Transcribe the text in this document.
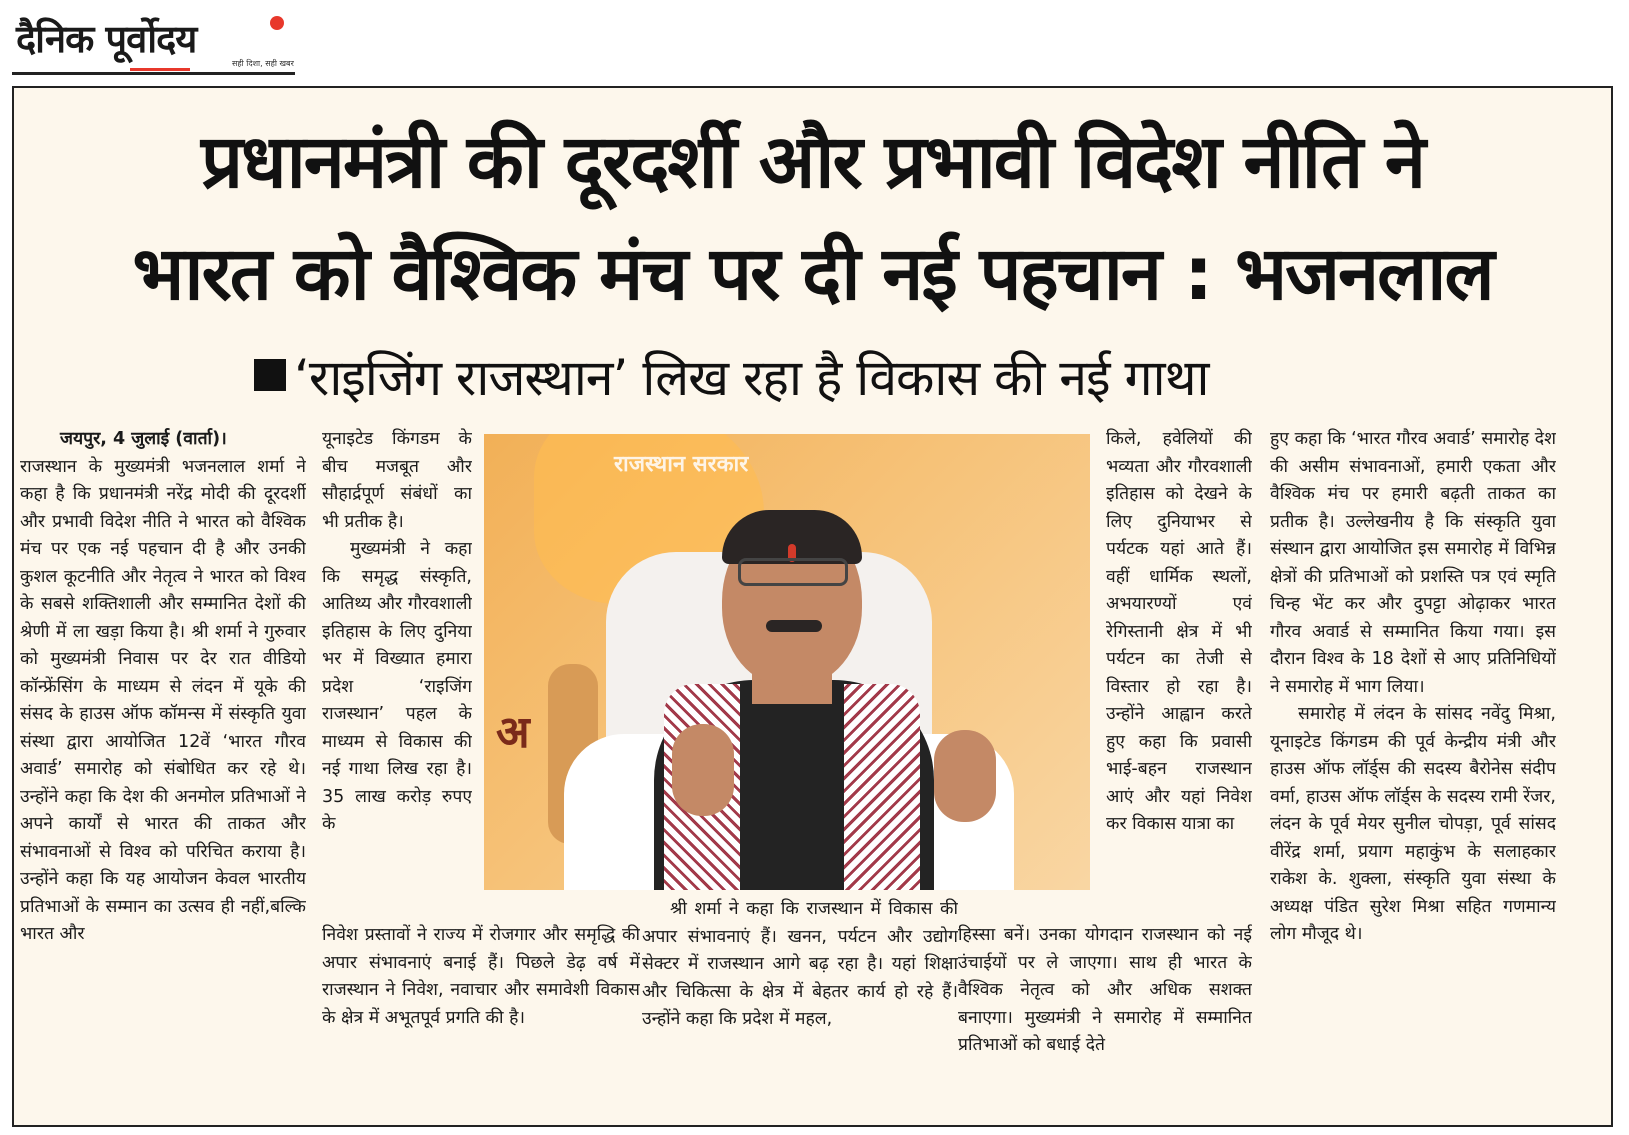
दैनिक पूर्वोदय
सही दिशा, सही खबर
प्रधानमंत्री की दूरदर्शी और प्रभावी विदेश नीति ने
भारत को वैश्विक मंच पर दी नई पहचान : भजनलाल
‘राइजिंग राजस्थान’ लिख रहा है विकास की नई गाथा

जयपुर, 4 जुलाई (वार्ता)।

राजस्थान के मुख्यमंत्री भजनलाल शर्मा ने कहा है कि प्रधानमंत्री नरेंद्र मोदी की दूरदर्शी और प्रभावी विदेश नीति ने भारत को वैश्विक मंच पर एक नई पहचान दी है और उनकी कुशल कूटनीति और नेतृत्व ने भारत को विश्व के सबसे शक्तिशाली और सम्मानित देशों की श्रेणी में ला खड़ा किया है। श्री शर्मा ने गुरुवार को मुख्यमंत्री निवास पर देर रात वीडियो कॉन्फ्रेंसिंग के माध्यम से लंदन में यूके की संसद के हाउस ऑफ कॉमन्स में संस्कृति युवा संस्था द्वारा आयोजित 12वें ‘भारत गौरव अवार्ड’ समारोह को संबोधित कर रहे थे। उन्होंने कहा कि देश की अनमोल प्रतिभाओं ने अपने कार्यों से भारत की ताकत और संभावनाओं से विश्व को परिचित कराया है। उन्होंने कहा कि यह आयोजन केवल भारतीय प्रतिभाओं के सम्मान का उत्सव ही नहीं,बल्कि भारत और

यूनाइटेड किंगडम के बीच मजबूत और सौहार्द्रपूर्ण संबंधों का भी प्रतीक है।

मुख्यमंत्री ने कहा कि समृद्ध संस्कृति, आतिथ्य और गौरवशाली इतिहास के लिए दुनिया भर में विख्यात हमारा प्रदेश ‘राइजिंग राजस्थान’ पहल के माध्यम से विकास की नई गाथा लिख रहा है। 35 लाख करोड़ रुपए के

राजस्थान सरकार
अ

निवेश प्रस्तावों ने राज्य में रोजगार और समृद्धि की अपार संभावनाएं बनाई हैं। पिछले डेढ़ वर्ष में राजस्थान ने निवेश, नवाचार और समावेशी विकास के क्षेत्र में अभूतपूर्व प्रगति की है।

श्री शर्मा ने कहा कि राजस्थान में विकास की अपार संभावनाएं हैं। खनन, पर्यटन और उद्योग सेक्टर में राजस्थान आगे बढ़ रहा है। यहां शिक्षा और चिकित्सा के क्षेत्र में बेहतर कार्य हो रहे हैं। उन्होंने कहा कि प्रदेश में महल,

किले, हवेलियों की भव्यता और गौरवशाली इतिहास को देखने के लिए दुनियाभर से पर्यटक यहां आते हैं। वहीं धार्मिक स्थलों, अभयारण्यों एवं रेगिस्तानी क्षेत्र में भी पर्यटन का तेजी से विस्तार हो रहा है। उन्होंने आह्वान करते हुए कहा कि प्रवासी भाई-बहन राजस्थान आएं और यहां निवेश कर विकास यात्रा का

हिस्सा बनें। उनका योगदान राजस्थान को नई उंचाईयों पर ले जाएगा। साथ ही भारत के वैश्विक नेतृत्व को और अधिक सशक्त बनाएगा। मुख्यमंत्री ने समारोह में सम्मानित प्रतिभाओं को बधाई देते

हुए कहा कि ‘भारत गौरव अवार्ड’ समारोह देश की असीम संभावनाओं, हमारी एकता और वैश्विक मंच पर हमारी बढ़ती ताकत का प्रतीक है। उल्लेखनीय है कि संस्कृति युवा संस्थान द्वारा आयोजित इस समारोह में विभिन्न क्षेत्रों की प्रतिभाओं को प्रशस्ति पत्र एवं स्मृति चिन्ह भेंट कर और दुपट्टा ओढ़ाकर भारत गौरव अवार्ड से सम्मानित किया गया। इस दौरान विश्व के 18 देशों से आए प्रतिनिधियों ने समारोह में भाग लिया।

समारोह में लंदन के सांसद नवेंदु मिश्रा, यूनाइटेड किंगडम की पूर्व केन्द्रीय मंत्री और हाउस ऑफ लॉर्ड्स की सदस्य बैरोनेस संदीप वर्मा, हाउस ऑफ लॉर्ड्स के सदस्य रामी रेंजर, लंदन के पूर्व मेयर सुनील चोपड़ा, पूर्व सांसद वीरेंद्र शर्मा, प्रयाग महाकुंभ के सलाहकार राकेश के. शुक्ला, संस्कृति युवा संस्था के अध्यक्ष पंडित सुरेश मिश्रा सहित गणमान्य लोग मौजूद थे।
